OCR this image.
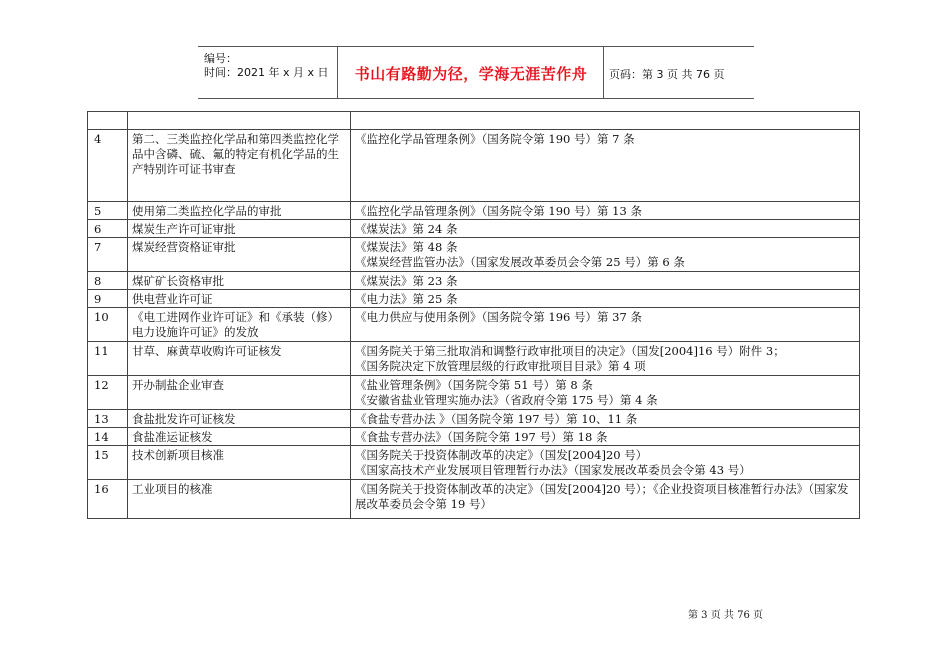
编号：
时间：2021 年 x 月 x 日	书山有路勤为径，学海无涯苦作舟	页码：第 3 页 共 76 页

4	第二、三类监控化学品和第四类监控化学品中含磷、硫、氟的特定有机化学品的生产特别许可证书审查	《监控化学品管理条例》（国务院令第 190 号）第 7 条
5	使用第二类监控化学品的审批	《监控化学品管理条例》（国务院令第 190 号）第 13 条
6	煤炭生产许可证审批	《煤炭法》第 24 条
7	煤炭经营资格证审批	《煤炭法》第 48 条
《煤炭经营监管办法》（国家发展改革委员会令第 25 号）第 6 条
8	煤矿矿长资格审批	《煤炭法》第 23 条
9	供电营业许可证	《电力法》第 25 条
10	《电工进网作业许可证》和《承装（修）电力设施许可证》的发放	《电力供应与使用条例》（国务院令第 196 号）第 37 条
11	甘草、麻黄草收购许可证核发	《国务院关于第三批取消和调整行政审批项目的决定》（国发[2004]16 号）附件 3；
《国务院决定下放管理层级的行政审批项目目录》第 4 项
12	开办制盐企业审查	《盐业管理条例》（国务院令第 51 号）第 8 条
《安徽省盐业管理实施办法》（省政府令第 175 号）第 4 条
13	食盐批发许可证核发	《食盐专营办法 》（国务院令第 197 号）第 10、11 条
14	食盐准运证核发	《食盐专营办法》（国务院令第 197 号）第 18 条
15	技术创新项目核准	《国务院关于投资体制改革的决定》（国发[2004]20 号）
《国家高技术产业发展项目管理暂行办法》（国家发展改革委员会令第 43 号）
16	工业项目的核准	《国务院关于投资体制改革的决定》（国发[2004]20 号）；《企业投资项目核准暂行办法》（国家发展改革委员会令第 19 号）
第 3 页 共 76 页
